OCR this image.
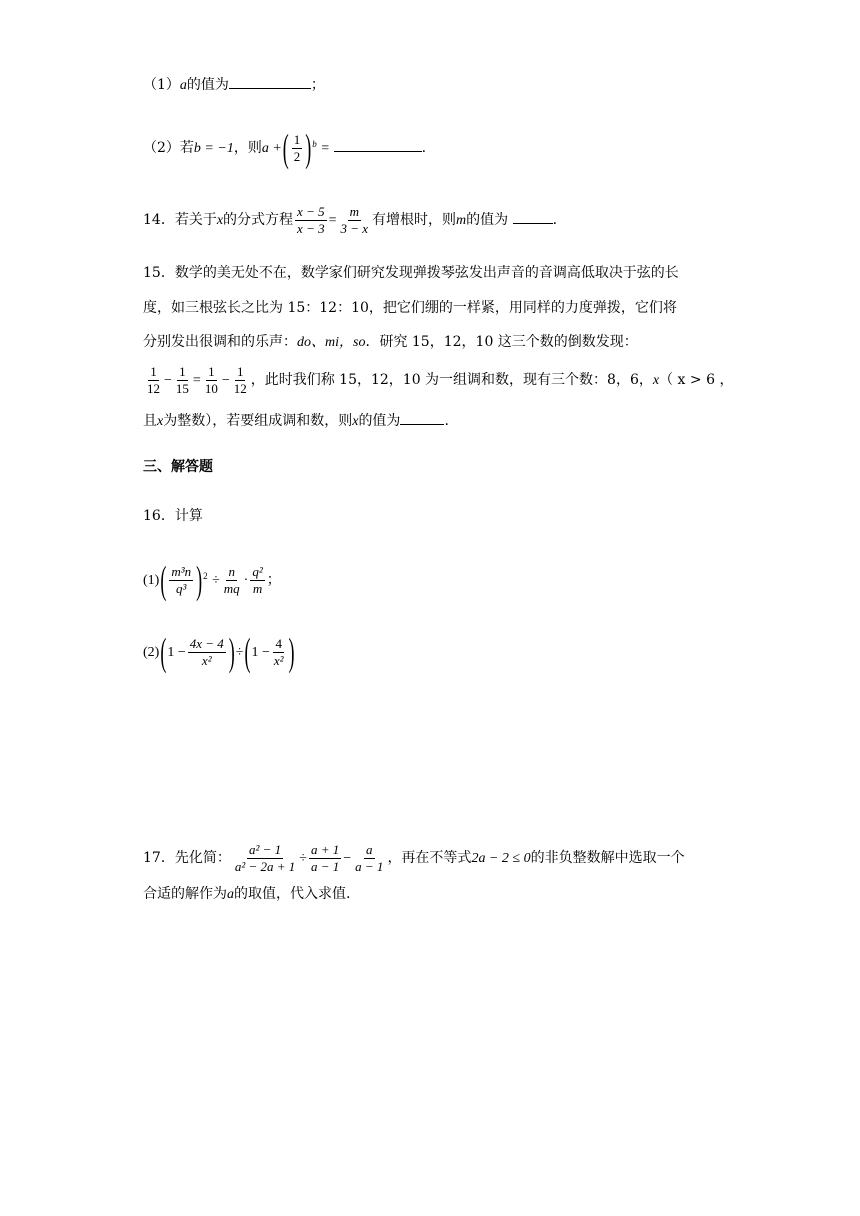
（1）a的值为	；
（2）若b = −1，则a +( $\frac{1}{2} )^b$ =	.
14．若关于x的分式方程 $\frac{x - 5}{x - 3} = \frac{m}{3 - x}$ 有增根时，则m的值为	.
15．数学的美无处不在，数学家们研究发现弹拨琴弦发出声音的音调高低取决于弦的长
度，如三根弦长之比为 15：12：10，把它们绷的一样紧，用同样的力度弹拨，它们将
分别发出很调和的乐声：do、mi，so．研究 15，12，10 这三个数的倒数发现：
$\frac{1}{12} - \frac{1}{15} = \frac{1}{10} - \frac{1}{12}$ ，此时我们称 15，12，10 为一组调和数，现有三个数：8，6，x（ x > 6 ，
且x为整数），若要组成调和数，则x的值为	.
三、解答题
16．计算
$(1)( \frac{\text{m³n}}{\text{q³}} )^2 \div \frac{n}{mq} \cdot \frac{\text{q²}}{m}$ ；
$(2)(1 - \frac{4x - 4}{\text{x²}} )\div(1 - \frac{4}{\text{x²}}$ )
17．先化简： $\frac{\text{a² − 1}}{\text{a² − 2a + 1}} \div \frac{a + 1}{a - 1} - \frac{a}{a - 1}$ ，再在不等式2a − 2 ≤ 0的非负整数解中选取一个
合适的解作为a的取值，代入求值.
